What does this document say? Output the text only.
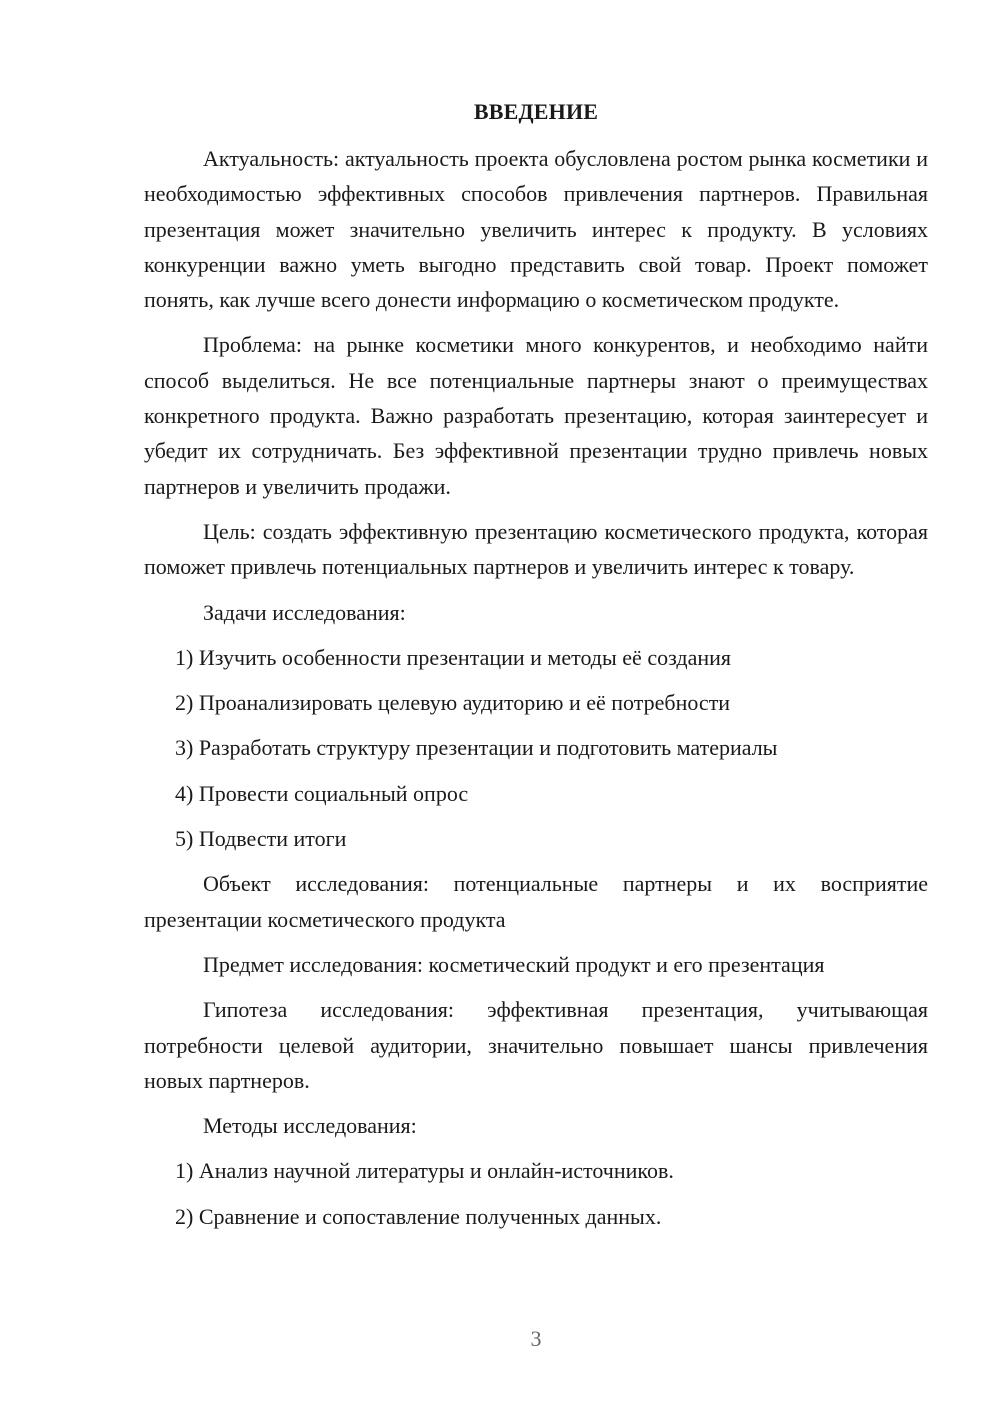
ВВЕДЕНИЕ

Актуальность: актуальность проекта обусловлена ростом рынка косметики и необходимостью эффективных способов привлечения партнеров. Правильная презентация может значительно увеличить интерес к продукту. В условиях конкуренции важно уметь выгодно представить свой товар. Проект поможет понять, как лучше всего донести информацию о косметическом продукте.

Проблема: на рынке косметики много конкурентов, и необходимо найти способ выделиться. Не все потенциальные партнеры знают о преимуществах конкретного продукта. Важно разработать презентацию, которая заинтересует и убедит их сотрудничать. Без эффективной презентации трудно привлечь новых партнеров и увеличить продажи.

Цель: создать эффективную презентацию косметического продукта, которая поможет привлечь потенциальных партнеров и увеличить интерес к товару.

Задачи исследования:

1) Изучить особенности презентации и методы её создания

2) Проанализировать целевую аудиторию и её потребности

3) Разработать структуру презентации и подготовить материалы

4) Провести социальный опрос

5) Подвести итоги

Объект исследования: потенциальные партнеры и их восприятие презентации косметического продукта

Предмет исследования: косметический продукт и его презентация

Гипотеза исследования: эффективная презентация, учитывающая потребности целевой аудитории, значительно повышает шансы привлечения новых партнеров.

Методы исследования:

1) Анализ научной литературы и онлайн-источников.

2) Сравнение и сопоставление полученных данных.

3
